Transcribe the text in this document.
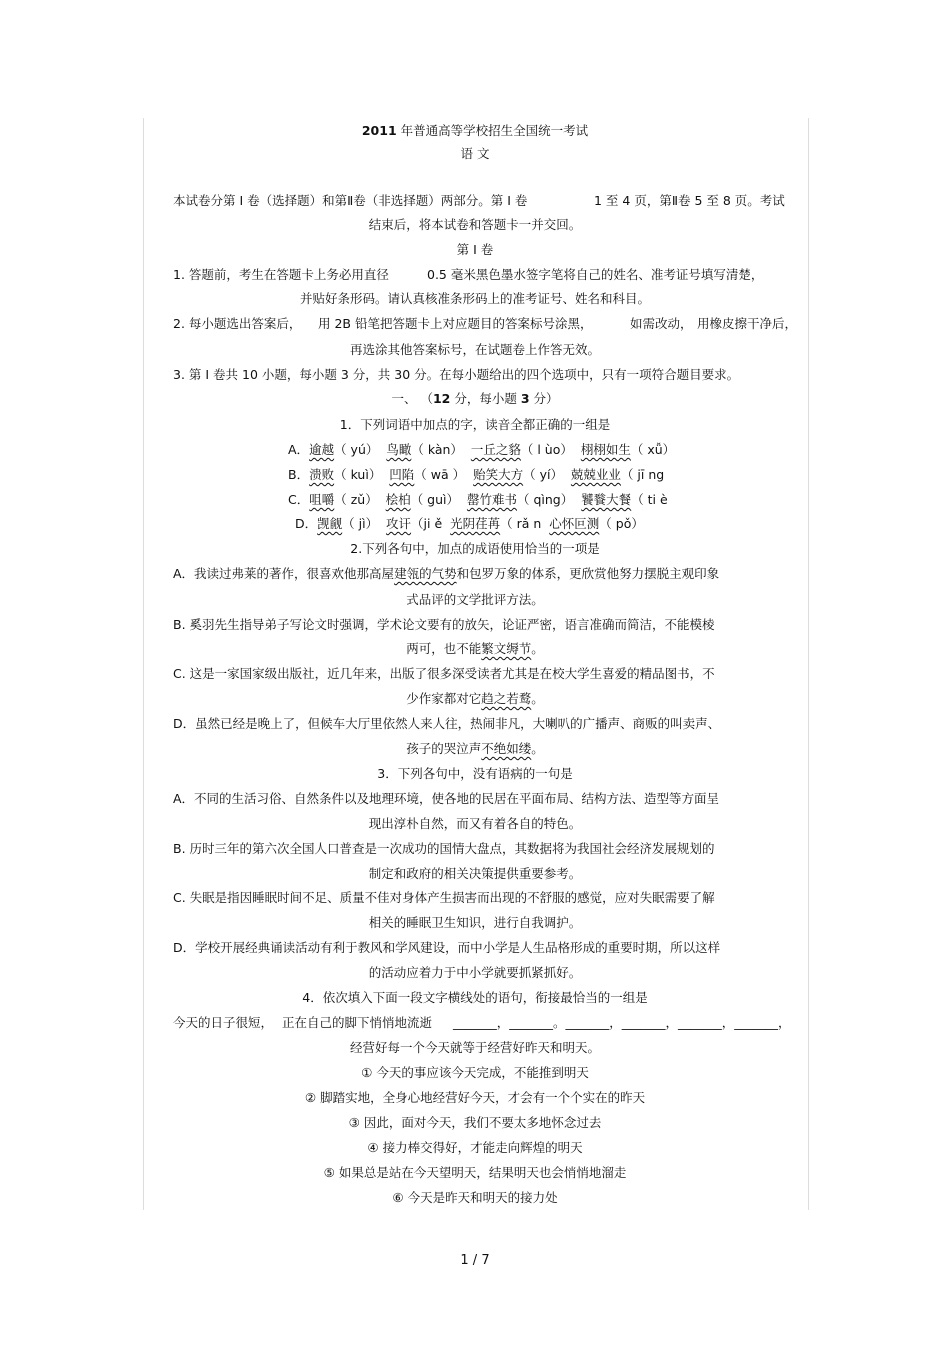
2011 年普通高等学校招生全国统一考试
语 文
本试卷分第 I 卷（选择题）和第Ⅱ卷（非选择题）两部分。第 I 卷	1 至 4 页，第Ⅱ卷 5 至 8 页。考试
结束后，将本试卷和答题卡一并交回。
第 I 卷
1. 答题前，考生在答题卡上务必用直径	0.5 毫米黑色墨水签字笔将自己的姓名、准考证号填写清楚，
并贴好条形码。请认真核准条形码上的准考证号、姓名和科目。
2. 每小题选出答案后， 用 2B 铅笔把答题卡上对应题目的答案标号涂黑，	如需改动， 用橡皮擦干净后，
再选涂其他答案标号，在试题卷上作答无效。
3. 第 I 卷共 10 小题，每小题 3 分，共 30 分。在每小题给出的四个选项中，只有一项符合题目要求。
一、 （12 分，每小题 3 分）
1．下列词语中加点的字，读音全都正确的一组是
A．逾越（ yú） 鸟瞰（ kàn） 一丘之貉（ l ùo） 栩栩如生（ xǚ）
B．溃败（ kuì） 凹陷（ wā ） 贻笑大方（ yí） 兢兢业业（ jī ng
C．咀嚼（ zǔ） 桧柏（ guì） 罄竹难书（ qìng） 饕餮大餐（ ti è
D．觊觎（ jì） 攻讦（ji ě 光阴荏苒（ rǎ n 心怀叵测（ pǒ）
2.下列各句中，加点的成语使用恰当的一项是
A．我读过弗莱的著作，很喜欢他那高屋建瓴的气势和包罗万象的体系，更欣赏他努力摆脱主观印象
式品评的文学批评方法。
B. 奚羽先生指导弟子写论文时强调，学术论文要有的放矢，论证严密，语言准确而简洁，不能模棱
两可，也不能繁文缛节。
C. 这是一家国家级出版社，近几年来，出版了很多深受读者尤其是在校大学生喜爱的精品图书，不
少作家都对它趋之若鹜。
D．虽然已经是晚上了，但候车大厅里依然人来人往，热闹非凡，大喇叭的广播声、商贩的叫卖声、
孩子的哭泣声不绝如缕。
3．下列各句中，没有语病的一句是
A．不同的生活习俗、自然条件以及地理环境，使各地的民居在平面布局、结构方法、造型等方面呈
现出淳朴自然，而又有着各自的特色。
B. 历时三年的第六次全国人口普查是一次成功的国情大盘点，其数据将为我国社会经济发展规划的
制定和政府的相关决策提供重要参考。
C. 失眠是指因睡眠时间不足、质量不佳对身体产生损害而出现的不舒服的感觉，应对失眠需要了解
相关的睡眠卫生知识，进行自我调护。
D．学校开展经典诵读活动有利于教风和学风建设，而中小学是人生品格形成的重要时期，所以这样
的活动应着力于中小学就要抓紧抓好。
4．依次填入下面一段文字横线处的语句，衔接最恰当的一组是
今天的日子很短， 正在自己的脚下悄悄地流逝 _______，_______。_______，_______，_______，_______，
经营好每一个今天就等于经营好昨天和明天。
① 今天的事应该今天完成，不能推到明天
② 脚踏实地，全身心地经营好今天，才会有一个个实在的昨天
③ 因此，面对今天，我们不要太多地怀念过去
④ 接力棒交得好，才能走向辉煌的明天
⑤ 如果总是站在今天望明天，结果明天也会悄悄地溜走
⑥ 今天是昨天和明天的接力处
1 / 7
